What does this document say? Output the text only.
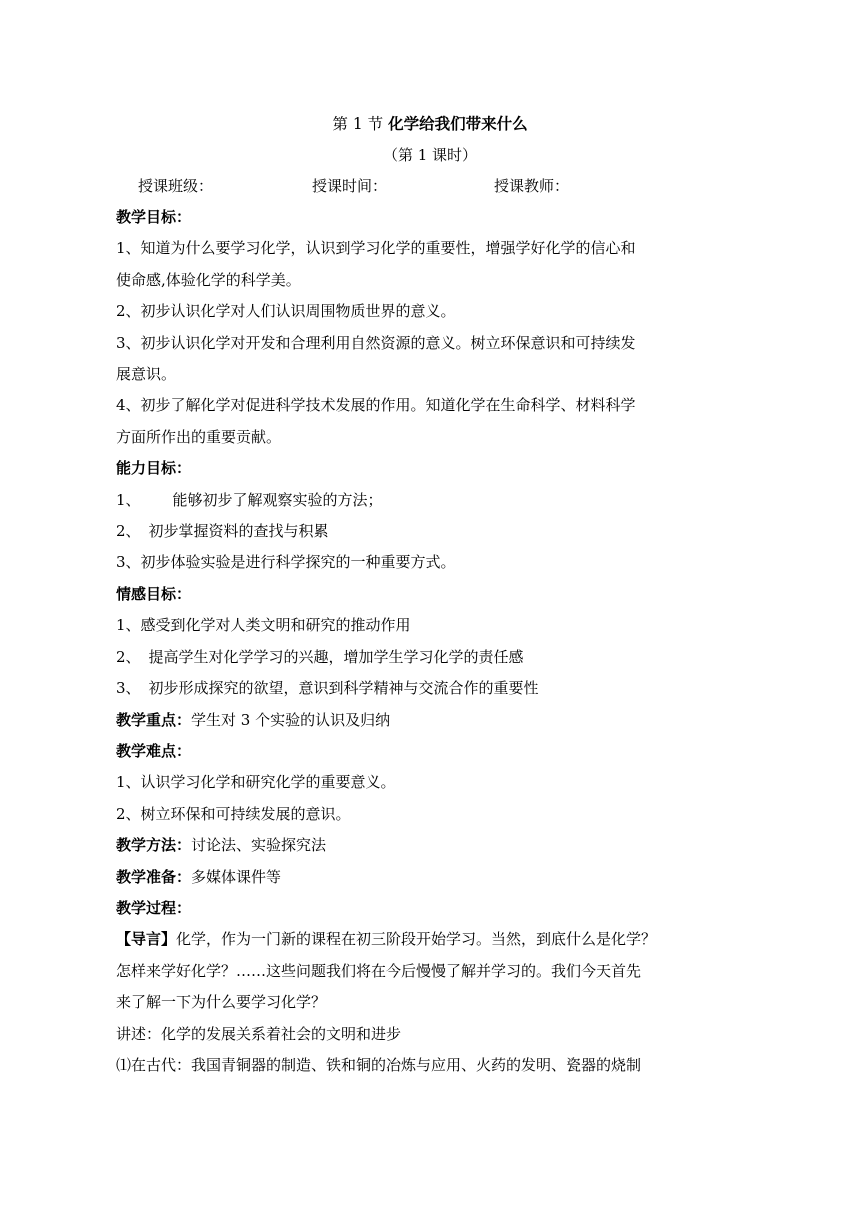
第 1 节 化学给我们带来什么
（第 1 课时）
授课班级：	授课时间：	授课教师：
教学目标：
1、知道为什么要学习化学，认识到学习化学的重要性，增强学好化学的信心和
使命感,体验化学的科学美。
2、初步认识化学对人们认识周围物质世界的意义。
3、初步认识化学对开发和合理利用自然资源的意义。树立环保意识和可持续发
展意识。
4、初步了解化学对促进科学技术发展的作用。知道化学在生命科学、材料科学
方面所作出的重要贡献。
能力目标：
1、 能够初步了解观察实验的方法；
2、 初步掌握资料的查找与积累
3、初步体验实验是进行科学探究的一种重要方式。
情感目标：
1、感受到化学对人类文明和研究的推动作用
2、 提高学生对化学学习的兴趣，增加学生学习化学的责任感
3、 初步形成探究的欲望，意识到科学精神与交流合作的重要性
教学重点：学生对 3 个实验的认识及归纳
教学难点：
1、认识学习化学和研究化学的重要意义。
2、树立环保和可持续发展的意识。
教学方法：讨论法、实验探究法
教学准备：多媒体课件等
教学过程：
【导言】化学，作为一门新的课程在初三阶段开始学习。当然，到底什么是化学？
怎样来学好化学？……这些问题我们将在今后慢慢了解并学习的。我们今天首先
来了解一下为什么要学习化学？
讲述：化学的发展关系着社会的文明和进步
⑴在古代：我国青铜器的制造、铁和铜的冶炼与应用、火药的发明、瓷器的烧制
